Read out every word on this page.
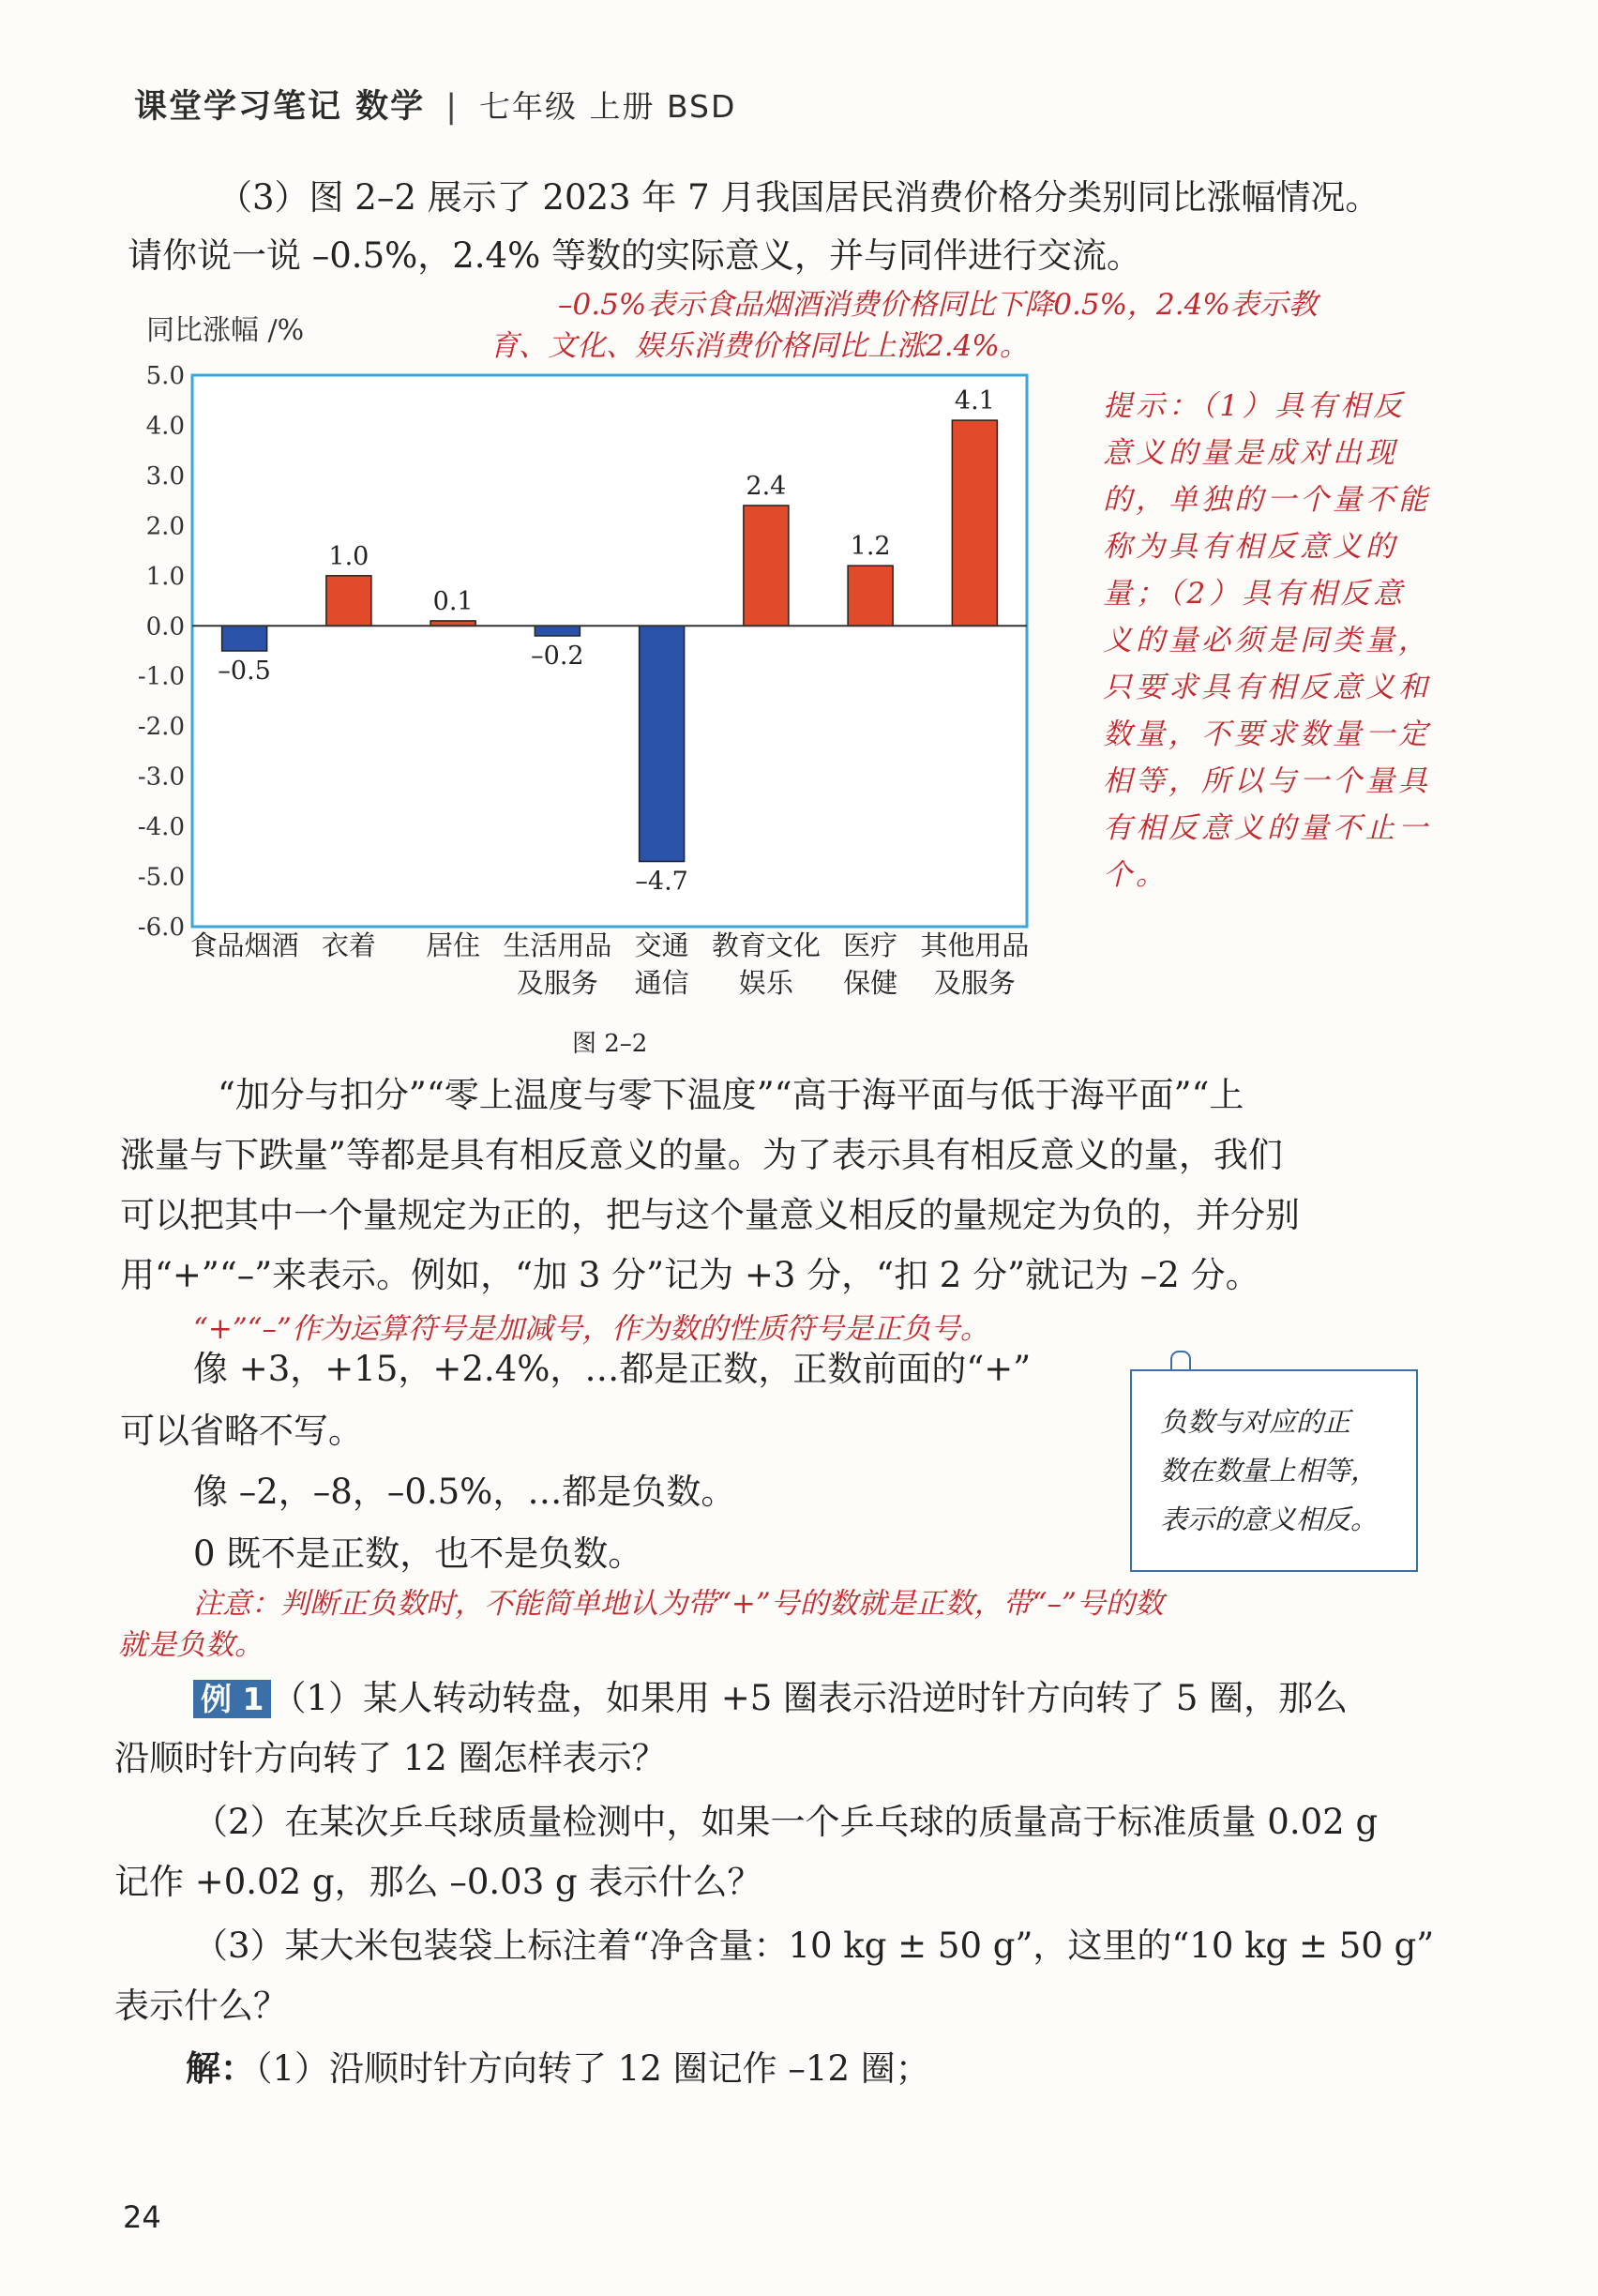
课堂学习笔记 数学 | 七年级 上册 BSD
（3）图 2–2 展示了 2023 年 7 月我国居民消费价格分类别同比涨幅情况。
请你说一说 –0.5%，2.4% 等数的实际意义，并与同伴进行交流。
–0.5%表示食品烟酒消费价格同比下降0.5%，2.4%表示教
育、文化、娱乐消费价格同比上涨2.4%。
同比涨幅 /%
5.0
4.0
3.0
2.0
1.0
0.0
-1.0
-2.0
-3.0
-4.0
-5.0
-6.0
–0.5
1.0
0.1
–0.2
–4.7
2.4
1.2
4.1
食品烟酒 衣着 居住 生活用品
及服务
交通
通信
教育文化
娱乐
医疗
保健
其他用品
及服务
图 2–2
提示：（1）具有相反意义的量是成对出现的，单独的一个量不能称为具有相反意义的量；（2）具有相反意义的量必须是同类量，只要求具有相反意义和数量，不要求数量一定相等，所以与一个量具有相反意义的量不止一个。
“加分与扣分”“零上温度与零下温度”“高于海平面与低于海平面”“上
涨量与下跌量”等都是具有相反意义的量。为了表示具有相反意义的量，我们
可以把其中一个量规定为正的，把与这个量意义相反的量规定为负的，并分别
用“+”“–”来表示。例如，“加 3 分”记为 +3 分，“扣 2 分”就记为 –2 分。
“+”“–”作为运算符号是加减号，作为数的性质符号是正负号。
像 +3，+15，+2.4%，…都是正数，正数前面的“+”
可以省略不写。
像 –2，–8，–0.5%，…都是负数。
0 既不是正数，也不是负数。
负数与对应的正
数在数量上相等，
表示的意义相反。
注意：判断正负数时，不能简单地认为带“+”号的数就是正数，带“–”号的数
就是负数。
例 1 （1）某人转动转盘，如果用 +5 圈表示沿逆时针方向转了 5 圈，那么
沿顺时针方向转了 12 圈怎样表示？
（2）在某次乒乓球质量检测中，如果一个乒乓球的质量高于标准质量 0.02 g
记作 +0.02 g，那么 –0.03 g 表示什么？
（3）某大米包装袋上标注着“净含量：10 kg ± 50 g”，这里的“10 kg ± 50 g”
表示什么？
解：（1）沿顺时针方向转了 12 圈记作 –12 圈；
24
